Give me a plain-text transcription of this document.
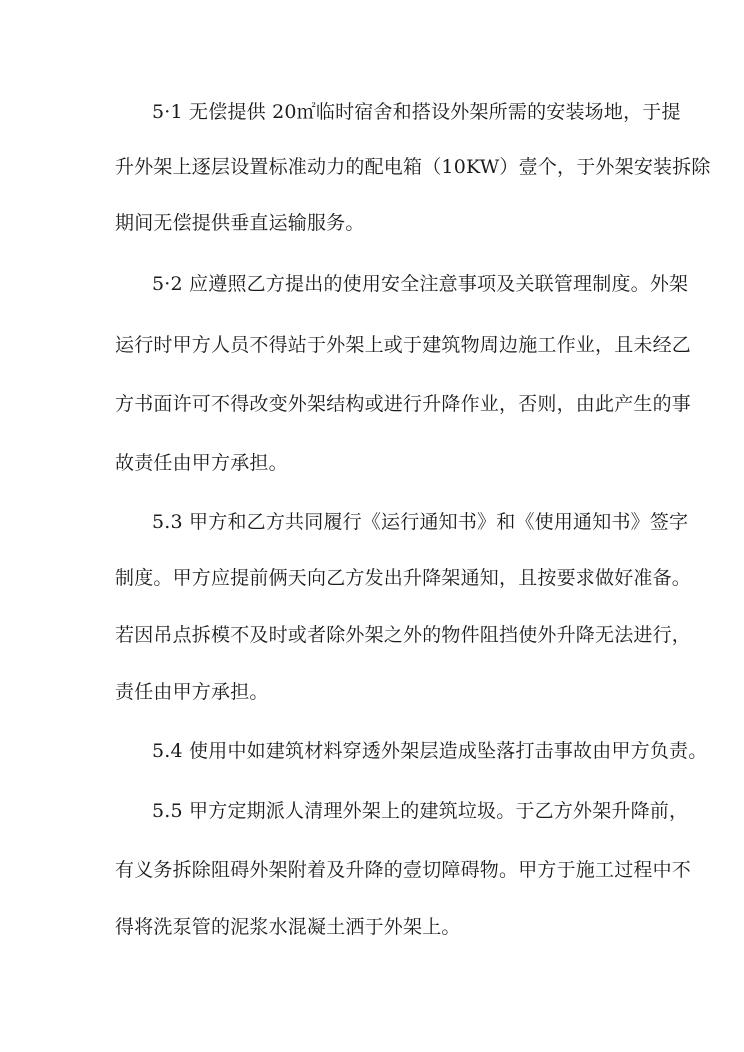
5·1 无偿提供 20㎡临时宿舍和搭设外架所需的安装场地，于提
升外架上逐层设置标准动力的配电箱（10KW）壹个，于外架安装拆除
期间无偿提供垂直运输服务。
5·2 应遵照乙方提出的使用安全注意事项及关联管理制度。外架
运行时甲方人员不得站于外架上或于建筑物周边施工作业，且未经乙
方书面许可不得改变外架结构或进行升降作业，否则，由此产生的事
故责任由甲方承担。
5.3 甲方和乙方共同履行《运行通知书》和《使用通知书》签字
制度。甲方应提前俩天向乙方发出升降架通知，且按要求做好准备。
若因吊点拆模不及时或者除外架之外的物件阻挡使外升降无法进行，
责任由甲方承担。
5.4 使用中如建筑材料穿透外架层造成坠落打击事故由甲方负责。
5.5 甲方定期派人清理外架上的建筑垃圾。于乙方外架升降前，
有义务拆除阻碍外架附着及升降的壹切障碍物。甲方于施工过程中不
得将洗泵管的泥浆水混凝土洒于外架上。
